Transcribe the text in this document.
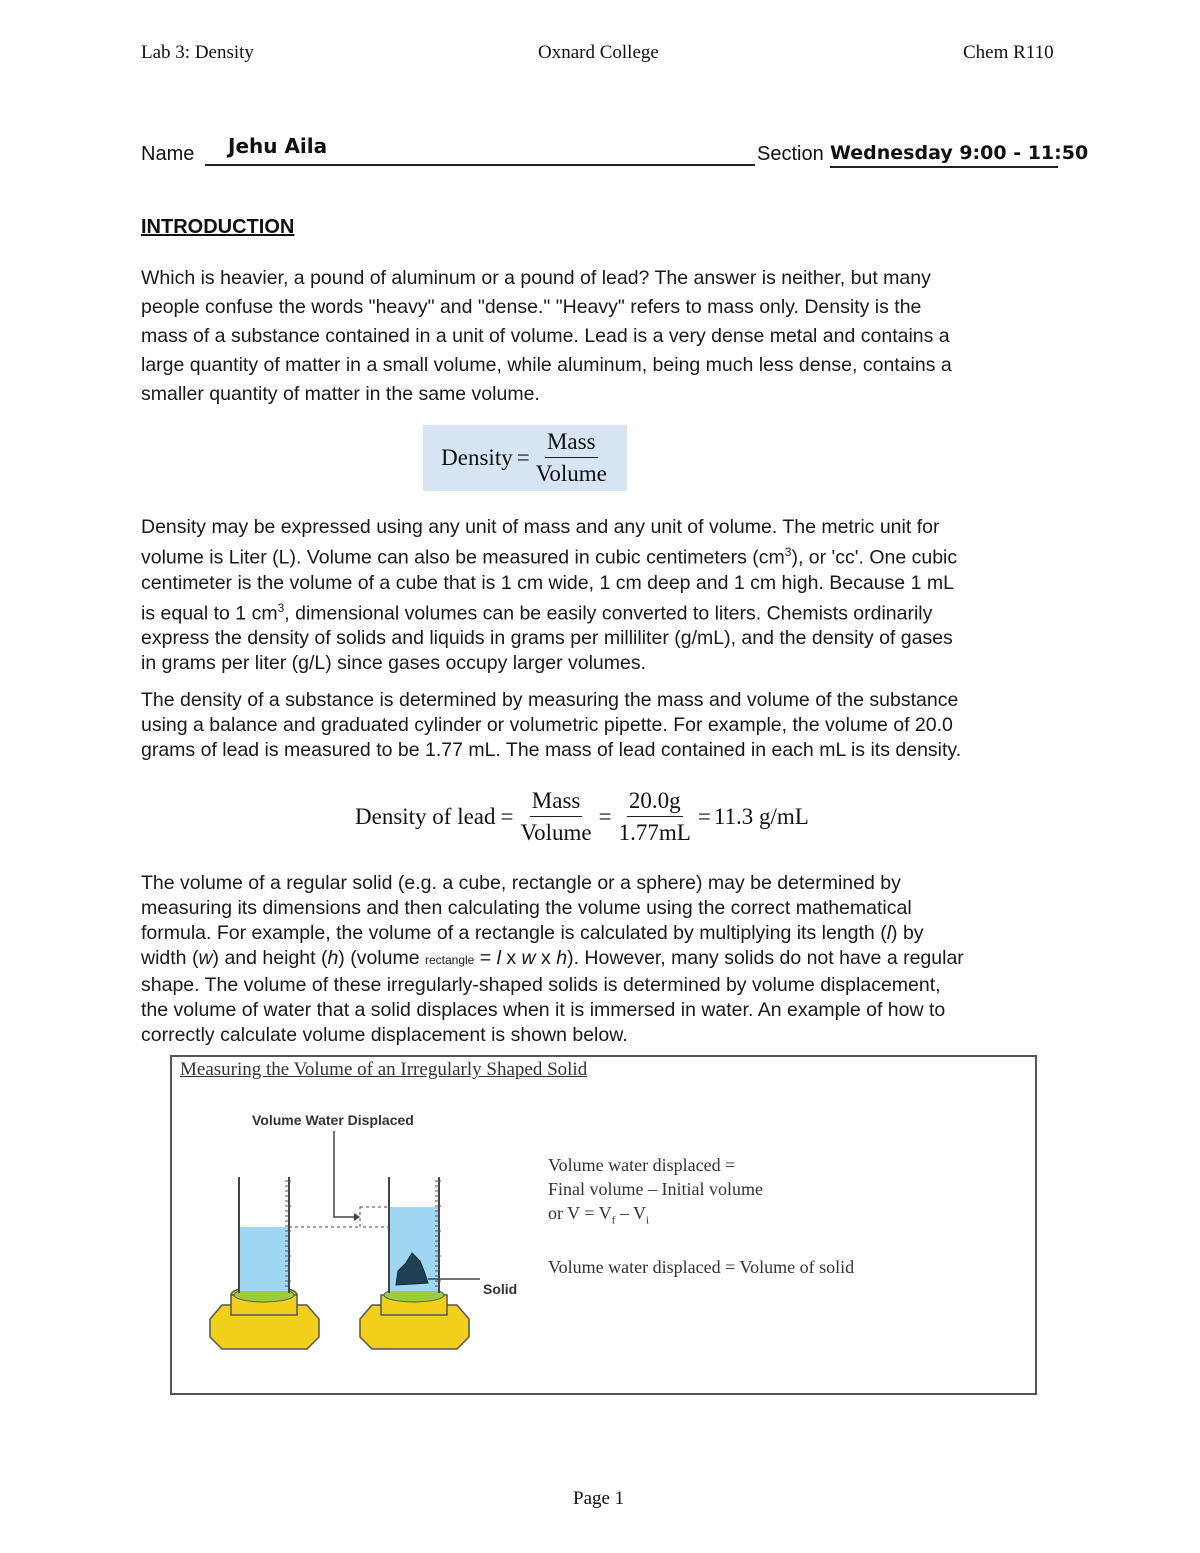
Lab 3: Density	Oxnard College	Chem R110
Name Jehu Aila	Section Wednesday 9:00 - 11:50
INTRODUCTION
Which is heavier, a pound of aluminum or a pound of lead? The answer is neither, but many
people confuse the words "heavy" and "dense." "Heavy" refers to mass only. Density is the
mass of a substance contained in a unit of volume. Lead is a very dense metal and contains a
large quantity of matter in a small volume, while aluminum, being much less dense, contains a
smaller quantity of matter in the same volume.
Density = $\frac{\text{Mass}}{\text{Volume}}$
Density may be expressed using any unit of mass and any unit of volume. The metric unit for
volume is Liter (L). Volume can also be measured in cubic centimeters $(cm^3)$, or 'cc'. One cubic
centimeter is the volume of a cube that is 1 cm wide, 1 cm deep and 1 cm high. Because 1 mL
is equal to 1 $cm^3$, dimensional volumes can be easily converted to liters. Chemists ordinarily
express the density of solids and liquids in grams per milliliter (g/mL), and the density of gases
in grams per liter (g/L) since gases occupy larger volumes.
The density of a substance is determined by measuring the mass and volume of the substance
using a balance and graduated cylinder or volumetric pipette. For example, the volume of 20.0
grams of lead is measured to be 1.77 mL. The mass of lead contained in each mL is its density.
Density of lead = $\frac{\text{Mass}}{\text{Volume}} = \frac{20.0g}{1.77mL} = 11.3$ g/mL
The volume of a regular solid (e.g. a cube, rectangle or a sphere) may be determined by
measuring its dimensions and then calculating the volume using the correct mathematical
formula. For example, the volume of a rectangle is calculated by multiplying its length (l) by
width (w) and height (h) (volume rectangle = l x w x h). However, many solids do not have a regular
shape. The volume of these irregularly-shaped solids is determined by volume displacement,
the volume of water that a solid displaces when it is immersed in water. An example of how to
correctly calculate volume displacement is shown below.
Measuring the Volume of an Irregularly Shaped Solid
Volume Water Displaced
Solid
Volume water displaced =
Final volume – Initial volume
or $V = V_f - V_i$
Volume water displaced = Volume of solid
Page 1
